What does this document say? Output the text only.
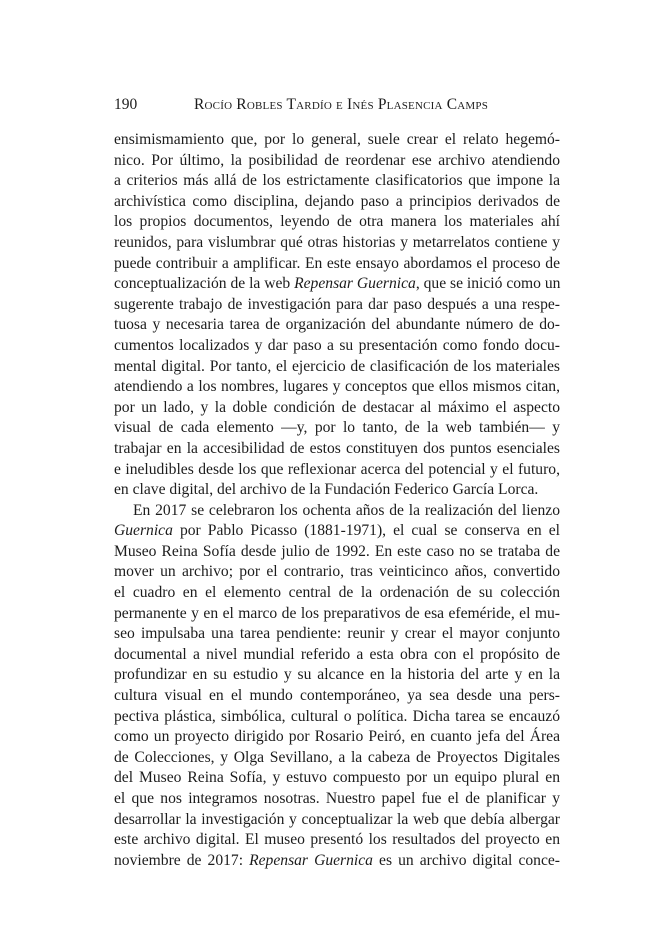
190	Rocío Robles Tardío e Inés Plasencia Camps
ensimismamiento que, por lo general, suele crear el relato hegemó-
nico. Por último, la posibilidad de reordenar ese archivo atendiendo
a criterios más allá de los estrictamente clasificatorios que impone la
archivística como disciplina, dejando paso a principios derivados de
los propios documentos, leyendo de otra manera los materiales ahí
reunidos, para vislumbrar qué otras historias y metarrelatos contiene y
puede contribuir a amplificar. En este ensayo abordamos el proceso de
conceptualización de la web Repensar Guernica, que se inició como un
sugerente trabajo de investigación para dar paso después a una respe-
tuosa y necesaria tarea de organización del abundante número de do-
cumentos localizados y dar paso a su presentación como fondo docu-
mental digital. Por tanto, el ejercicio de clasificación de los materiales
atendiendo a los nombres, lugares y conceptos que ellos mismos citan,
por un lado, y la doble condición de destacar al máximo el aspecto
visual de cada elemento —y, por lo tanto, de la web también— y
trabajar en la accesibilidad de estos constituyen dos puntos esenciales
e ineludibles desde los que reflexionar acerca del potencial y el futuro,
en clave digital, del archivo de la Fundación Federico García Lorca.
En 2017 se celebraron los ochenta años de la realización del lienzo
Guernica por Pablo Picasso (1881-1971), el cual se conserva en el
Museo Reina Sofía desde julio de 1992. En este caso no se trataba de
mover un archivo; por el contrario, tras veinticinco años, convertido
el cuadro en el elemento central de la ordenación de su colección
permanente y en el marco de los preparativos de esa efeméride, el mu-
seo impulsaba una tarea pendiente: reunir y crear el mayor conjunto
documental a nivel mundial referido a esta obra con el propósito de
profundizar en su estudio y su alcance en la historia del arte y en la
cultura visual en el mundo contemporáneo, ya sea desde una pers-
pectiva plástica, simbólica, cultural o política. Dicha tarea se encauzó
como un proyecto dirigido por Rosario Peiró, en cuanto jefa del Área
de Colecciones, y Olga Sevillano, a la cabeza de Proyectos Digitales
del Museo Reina Sofía, y estuvo compuesto por un equipo plural en
el que nos integramos nosotras. Nuestro papel fue el de planificar y
desarrollar la investigación y conceptualizar la web que debía albergar
este archivo digital. El museo presentó los resultados del proyecto en
noviembre de 2017: Repensar Guernica es un archivo digital conce-
